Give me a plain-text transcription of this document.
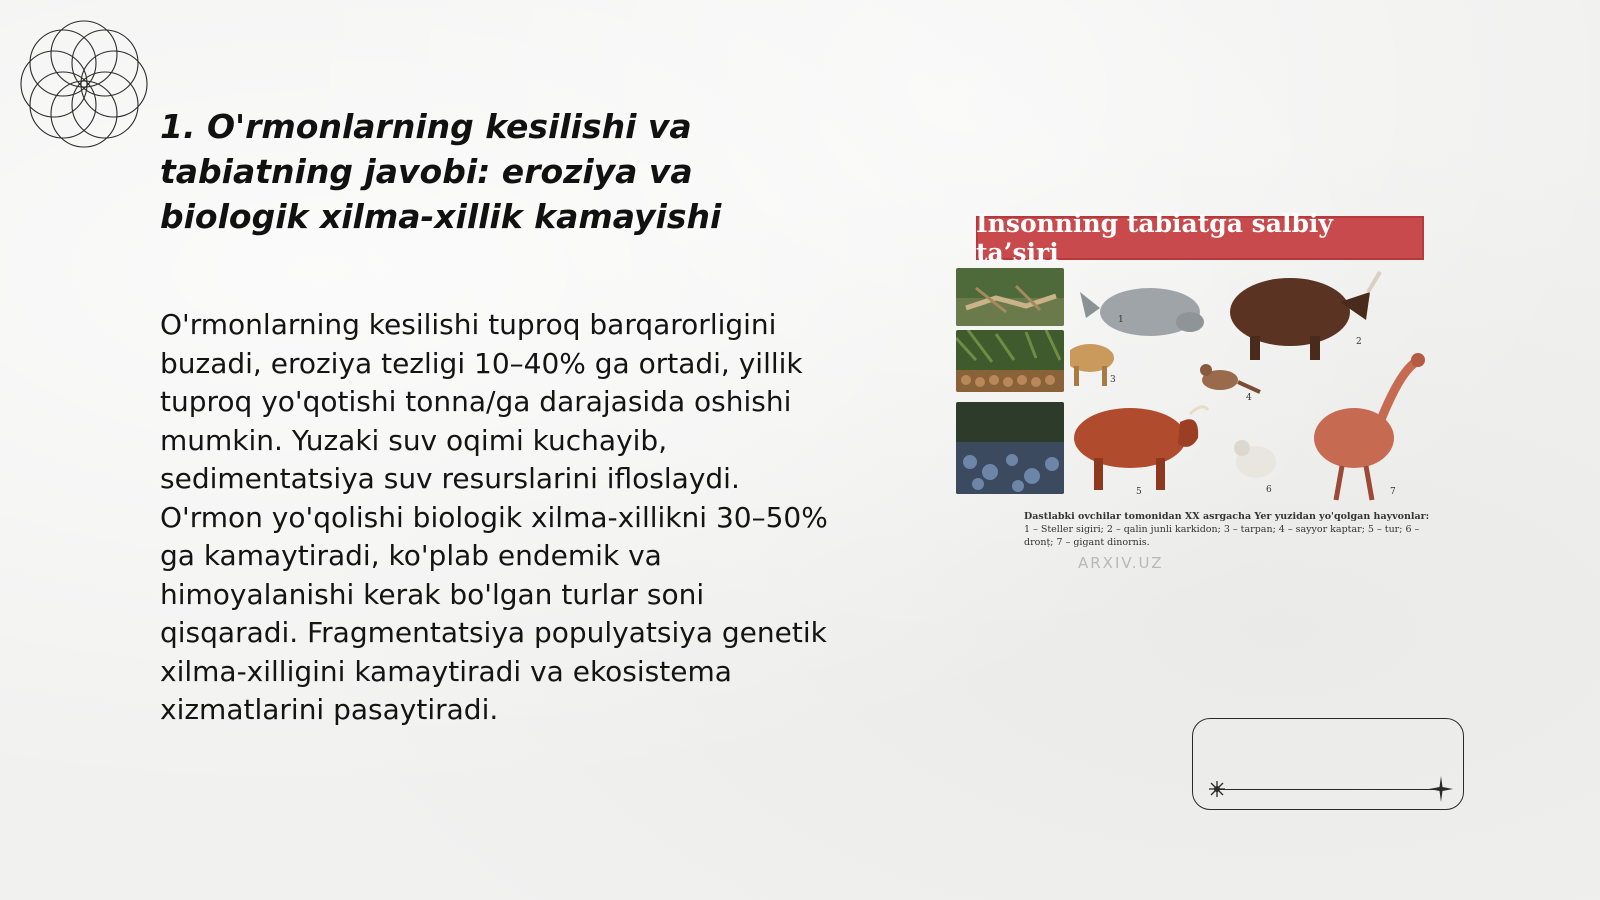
1. O'rmonlarning kesilishi va tabiatning javobi: eroziya va biologik xilma-xillik kamayishi

O'rmonlarning kesilishi tuproq barqarorligini buzadi, eroziya tezligi 10–40% ga ortadi, yillik tuproq yo'qotishi tonna/ga darajasida oshishi mumkin. Yuzaki suv oqimi kuchayib, sedimentatsiya suv resurslarini ifloslaydi. O'rmon yo'qolishi biologik xilma-xillikni 30–50% ga kamaytiradi, ko'plab endemik va himoyalanishi kerak bo'lgan turlar soni qisqaradi. Fragmentatsiya populyatsiya genetik xilma-xilligini kamaytiradi va ekosistema xizmatlarini pasaytiradi.

Insonning tabiatga salbiy ta’siri
1
2
4
3
5	6	7
Dastlabki ovchilar tomonidan XX asrgacha Yer yuzidan yo'qolgan hayvonlar:
1 – Steller sigiri; 2 – qalin junli karkidon; 3 – tarpan; 4 – sayyor kaptar; 5 – tur; 6 – dronț; 7 – gigant dinornis.
ARXIV.UZ
